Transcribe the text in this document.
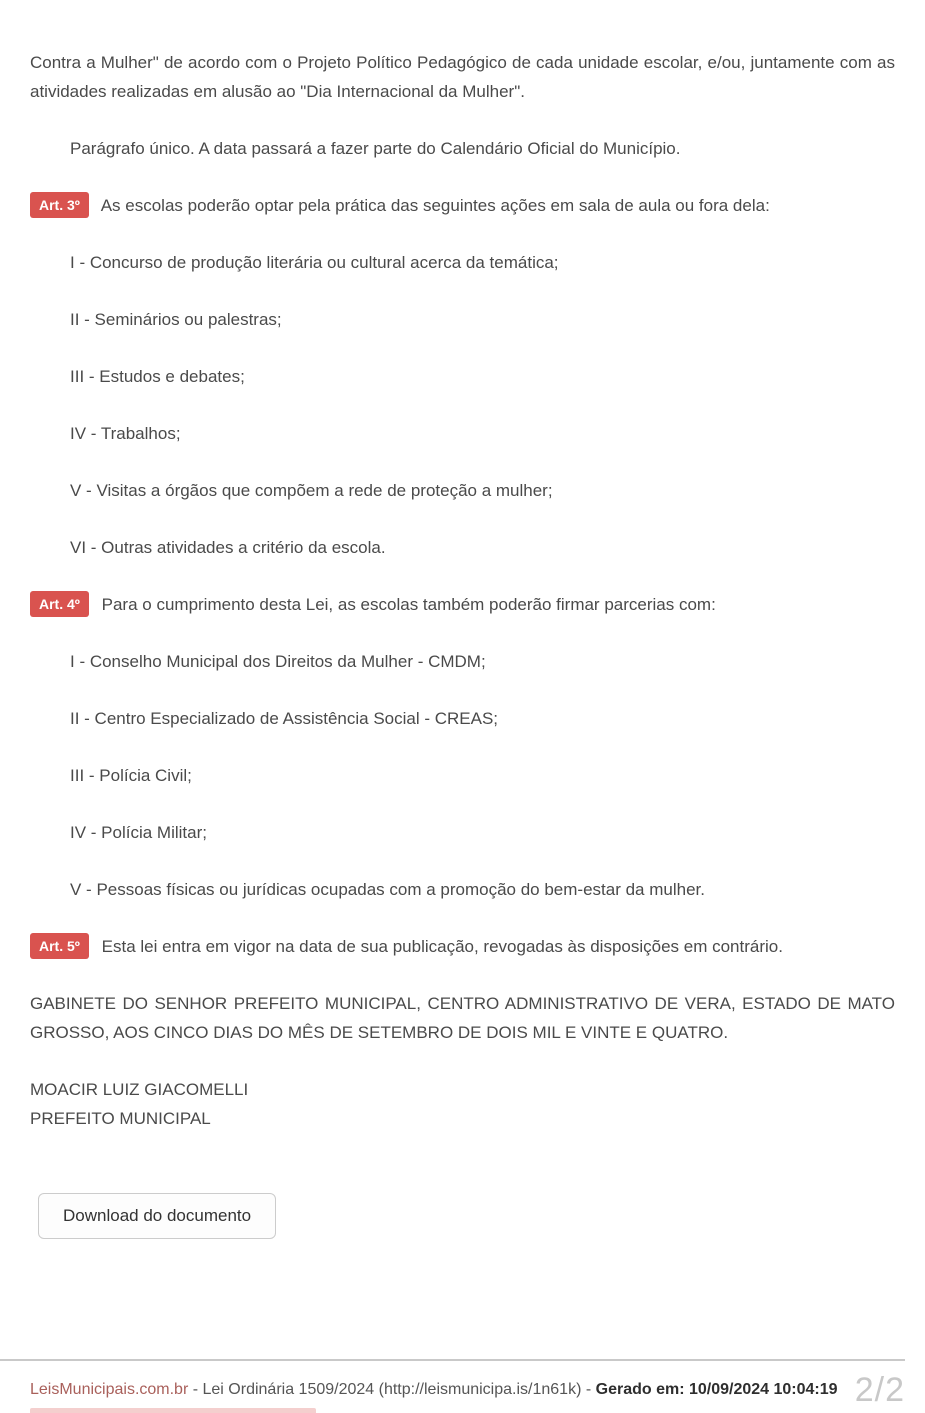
Contra a Mulher" de acordo com o Projeto Político Pedagógico de cada unidade escolar, e/ou, juntamente com as atividades realizadas em alusão ao "Dia Internacional da Mulher".

Parágrafo único. A data passará a fazer parte do Calendário Oficial do Município.

Art. 3º As escolas poderão optar pela prática das seguintes ações em sala de aula ou fora dela:

I - Concurso de produção literária ou cultural acerca da temática;

II - Seminários ou palestras;

III - Estudos e debates;

IV - Trabalhos;

V - Visitas a órgãos que compõem a rede de proteção a mulher;

VI - Outras atividades a critério da escola.

Art. 4º Para o cumprimento desta Lei, as escolas também poderão firmar parcerias com:

I - Conselho Municipal dos Direitos da Mulher - CMDM;

II - Centro Especializado de Assistência Social - CREAS;

III - Polícia Civil;

IV - Polícia Militar;

V - Pessoas físicas ou jurídicas ocupadas com a promoção do bem-estar da mulher.

Art. 5º Esta lei entra em vigor na data de sua publicação, revogadas às disposições em contrário.

GABINETE DO SENHOR PREFEITO MUNICIPAL, CENTRO ADMINISTRATIVO DE VERA, ESTADO DE MATO GROSSO, AOS CINCO DIAS DO MÊS DE SETEMBRO DE DOIS MIL E VINTE E QUATRO.

MOACIR LUIZ GIACOMELLI
PREFEITO MUNICIPAL

Download do documento
LeisMunicipais.com.br - Lei Ordinária 1509/2024 (http://leismunicipa.is/1n61k) - Gerado em: 10/09/2024 10:04:19 2/2
